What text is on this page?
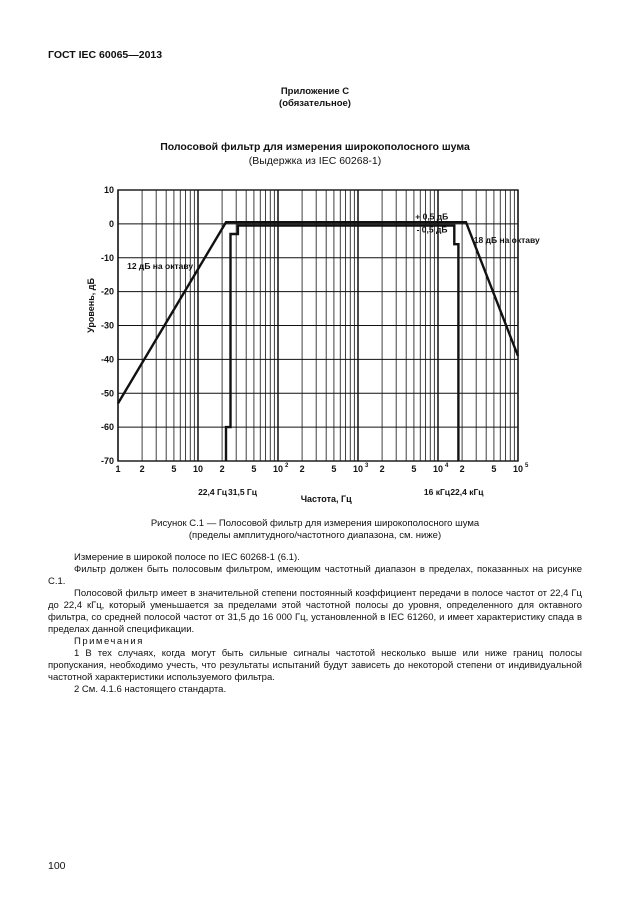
ГОСТ IEC 60065—2013
Приложение С
(обязательное)
Полосовой фильтр для измерения широкополосного шума
(Выдержка из IEC 60268-1)
10
0
-10
-20
-30
-40
-50
-60
-70
1 2	5 10 2	5 10 2 2	5 10 3 2	5 10 4 2	5 10 5
Уровень, дБ
Частота, Гц
+ 0,5 дБ
- 0,5 дБ
12 дБ на октаву
18 дБ на октаву
22,4 Гц 31,5 Гц	16 кГц 22,4 кГц
Рисунок С.1 — Полосовой фильтр для измерения широкополосного шума
(пределы амплитудного/частотного диапазона, см. ниже)

Измерение в широкой полосе по IEC 60268-1 (6.1).

Фильтр должен быть полосовым фильтром, имеющим частотный диапазон в пределах, показанных на рисунке С.1.

Полосовой фильтр имеет в значительной степени постоянный коэффициент передачи в полосе частот от 22,4 Гц до 22,4 кГц, который уменьшается за пределами этой частотной полосы до уровня, определенного для октавного фильтра, со средней полосой частот от 31,5 до 16 000 Гц, установленной в IEC 61260, и имеет характеристику спада в пределах данной спецификации.

Примечания

1 В тех случаях, когда могут быть сильные сигналы частотой несколько выше или ниже границ полосы пропускания, необходимо учесть, что результаты испытаний будут зависеть до некоторой степени от индивидуальной частотной характеристики используемого фильтра.

2 См. 4.1.6 настоящего стандарта.

100
